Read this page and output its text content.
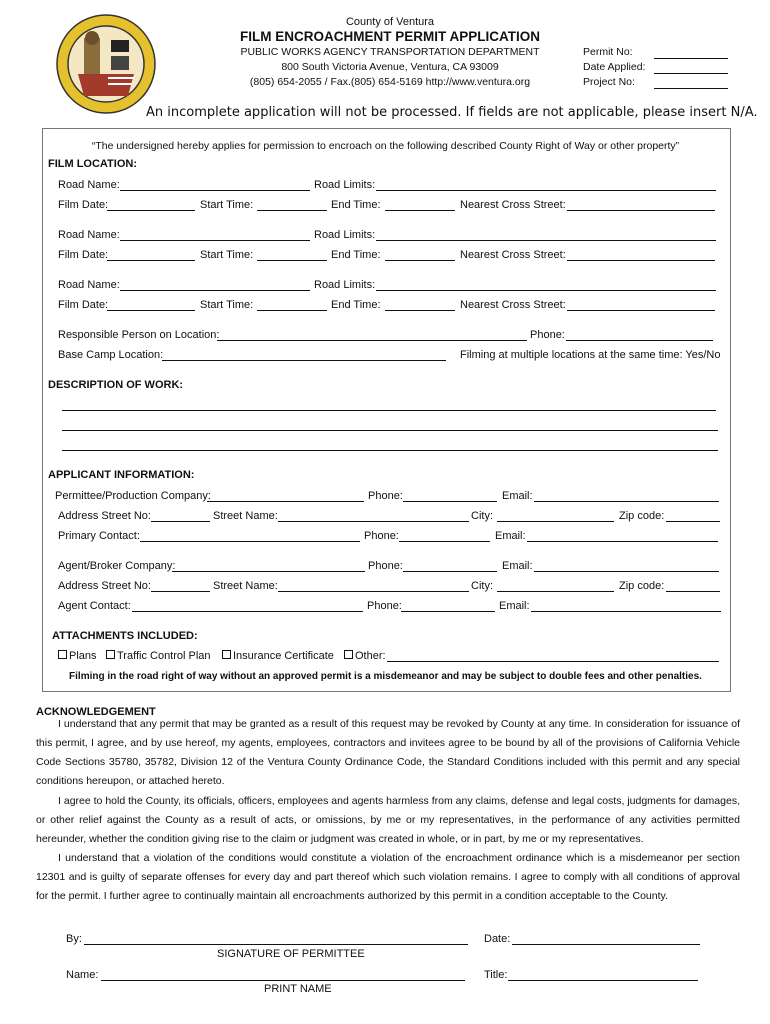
County of Ventura
FILM ENCROACHMENT PERMIT APPLICATION
PUBLIC WORKS AGENCY TRANSPORTATION DEPARTMENT
800 South Victoria Avenue, Ventura, CA 93009
(805) 654-2055 / Fax.(805) 654-5169 http://www.ventura.org
Permit No:
Date Applied:
Project No:
An incomplete application will not be processed. If fields are not applicable, please insert N/A.
“The undersigned hereby applies for permission to encroach on the following described County Right of Way or other property”
FILM LOCATION:
Road Name:	Road Limits:
Film Date:	Start Time:	End Time:	Nearest Cross Street:
Road Name:	Road Limits:
Film Date:	Start Time:	End Time:	Nearest Cross Street:
Road Name:	Road Limits:
Film Date:	Start Time:	End Time:	Nearest Cross Street:
Responsible Person on Location:	Phone:
Base Camp Location:	Filming at multiple locations at the same time: Yes/No
DESCRIPTION OF WORK:
APPLICANT INFORMATION:
Permittee/Production Company:	Phone:	Email:
Address Street No:	Street Name:	City:	Zip code:
Primary Contact:	Phone:	Email:
Agent/Broker Company:	Phone:	Email:
Address Street No:	Street Name:	City:	Zip code:
Agent Contact:	Phone:	Email:
ATTACHMENTS INCLUDED:
Plans	Traffic Control Plan	Insurance Certificate	Other:
Filming in the road right of way without an approved permit is a misdemeanor and may be subject to double fees and other penalties.
ACKNOWLEDGEMENT
I understand that any permit that may be granted as a result of this request may be revoked by County at any time. In consideration for issuance of this permit, I agree, and by use hereof, my agents, employees, contractors and invitees agree to be bound by all of the provisions of California Vehicle Code Sections 35780, 35782, Division 12 of the Ventura County Ordinance Code, the Standard Conditions included with this permit and any special conditions hereupon, or attached hereto.
I agree to hold the County, its officials, officers, employees and agents harmless from any claims, defense and legal costs, judgments for damages, or other relief against the County as a result of acts, or omissions, by me or my representatives, in the performance of any activities permitted hereunder, whether the condition giving rise to the claim or judgment was created in whole, or in part, by me or my representatives.
I understand that a violation of the conditions would constitute a violation of the encroachment ordinance which is a misdemeanor per section 12301 and is guilty of separate offenses for every day and part thereof which such violation remains. I agree to comply with all conditions of approval for the permit. I further agree to continually maintain all encroachments authorized by this permit in a condition acceptable to the County.
By:	Date:
SIGNATURE OF PERMITTEE
Name:	Title:
PRINT NAME
